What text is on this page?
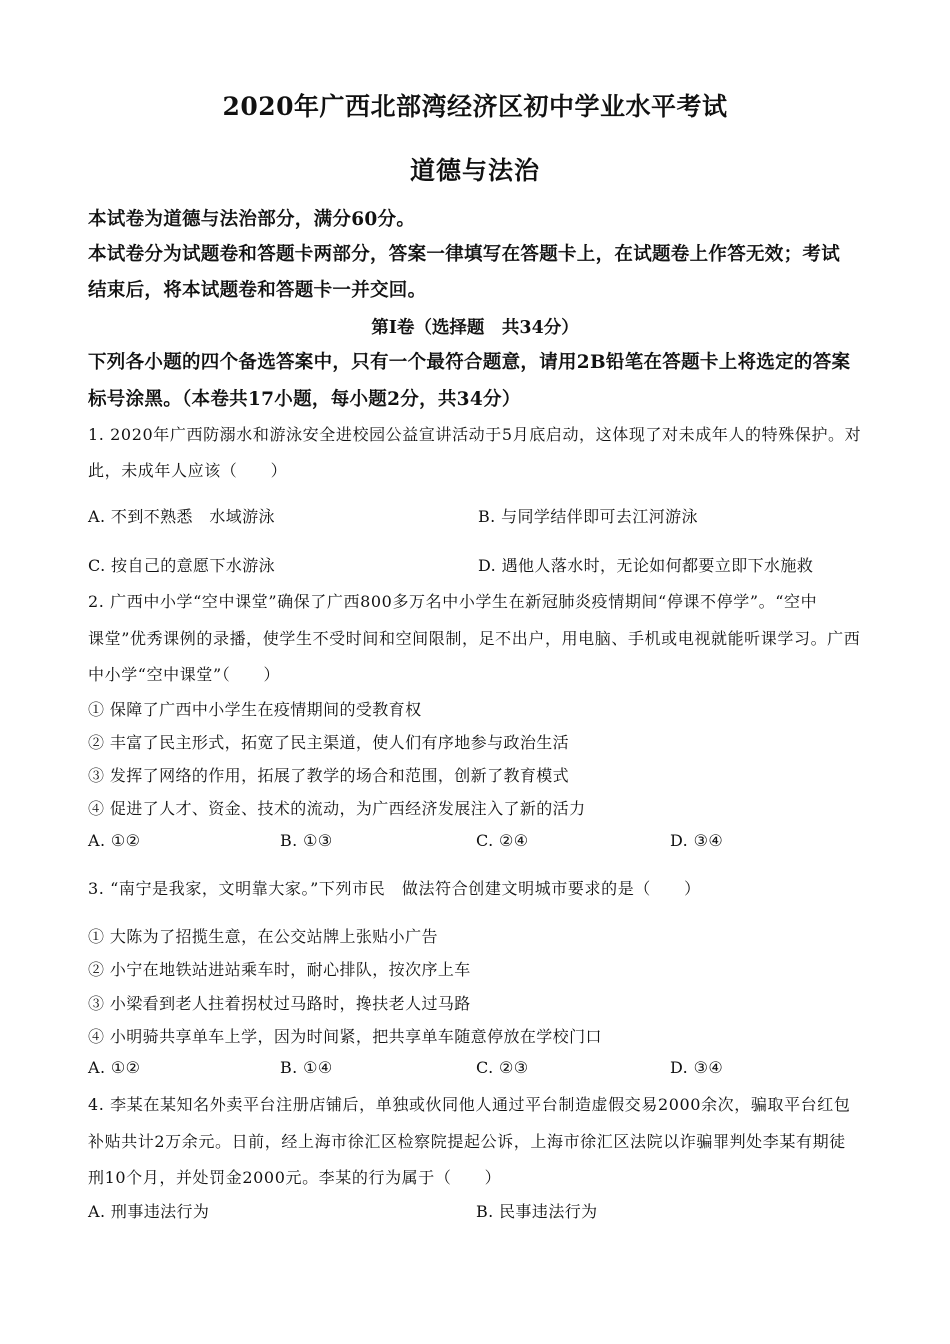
2020年广西北部湾经济区初中学业水平考试
道德与法治
本试卷为道德与法治部分，满分60分。
本试卷分为试题卷和答题卡两部分，答案一律填写在答题卡上，在试题卷上作答无效；考试
结束后，将本试题卷和答题卡一并交回。
第Ⅰ卷（选择题　共34分）
下列各小题的四个备选答案中，只有一个最符合题意，请用2B铅笔在答题卡上将选定的答案
标号涂黑。（本卷共17小题，每小题2分，共34分）
1. 2020年广西防溺水和游泳安全进校园公益宣讲活动于5月底启动，这体现了对未成年人的特殊保护。对
此，未成年人应该（　　）
A. 不到不熟悉　水域游泳	B. 与同学结伴即可去江河游泳
C. 按自己的意愿下水游泳	D. 遇他人落水时，无论如何都要立即下水施救
2. 广西中小学“空中课堂”确保了广西800多万名中小学生在新冠肺炎疫情期间“停课不停学”。“空中
课堂”优秀课例的录播，使学生不受时间和空间限制，足不出户，用电脑、手机或电视就能听课学习。广西
中小学“空中课堂”（　　）
① 保障了广西中小学生在疫情期间的受教育权
② 丰富了民主形式，拓宽了民主渠道，使人们有序地参与政治生活
③ 发挥了网络的作用，拓展了教学的场合和范围，创新了教育模式
④ 促进了人才、资金、技术的流动，为广西经济发展注入了新的活力
A. ①②	B. ①③	C. ②④	D. ③④
3. “南宁是我家，文明靠大家。”下列市民　做法符合创建文明城市要求的是（　　）
① 大陈为了招揽生意，在公交站牌上张贴小广告
② 小宁在地铁站进站乘车时，耐心排队，按次序上车
③ 小梁看到老人拄着拐杖过马路时，搀扶老人过马路
④ 小明骑共享单车上学，因为时间紧，把共享单车随意停放在学校门口
A. ①②	B. ①④	C. ②③	D. ③④
4. 李某在某知名外卖平台注册店铺后，单独或伙同他人通过平台制造虚假交易2000余次，骗取平台红包
补贴共计2万余元。日前，经上海市徐汇区检察院提起公诉，上海市徐汇区法院以诈骗罪判处李某有期徒
刑10个月，并处罚金2000元。李某的行为属于（　　）
A. 刑事违法行为	B. 民事违法行为
